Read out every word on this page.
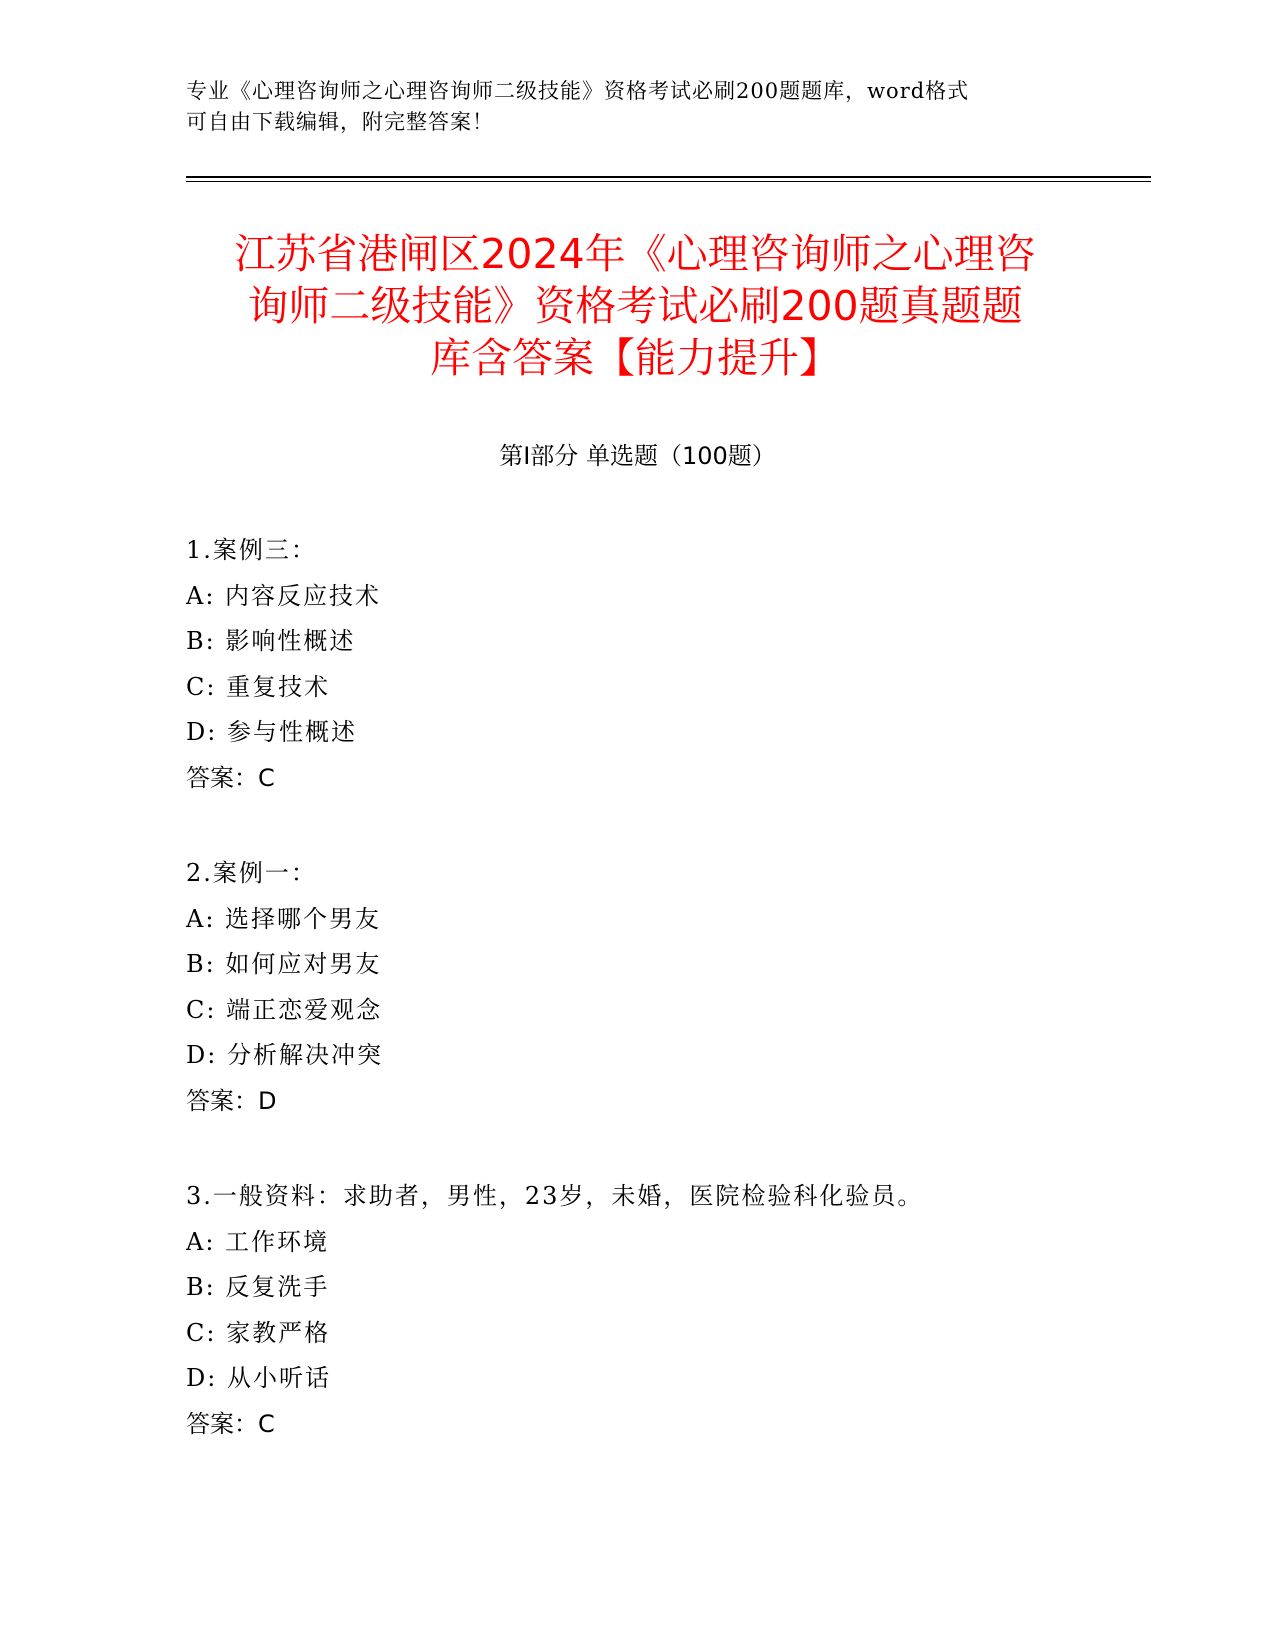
专业《心理咨询师之心理咨询师二级技能》资格考试必刷200题题库，word格式
可自由下载编辑，附完整答案！
江苏省港闸区2024年《心理咨询师之心理咨
询师二级技能》资格考试必刷200题真题题
库含答案【能力提升】
第Ⅰ部分 单选题（100题）
1.案例三：
A: 内容反应技术
B: 影响性概述
C: 重复技术
D: 参与性概述
答案：C
2.案例一：
A: 选择哪个男友
B: 如何应对男友
C: 端正恋爱观念
D: 分析解决冲突
答案：D
3.一般资料：求助者，男性，23岁，未婚，医院检验科化验员。
A: 工作环境
B: 反复洗手
C: 家教严格
D: 从小听话
答案：C
